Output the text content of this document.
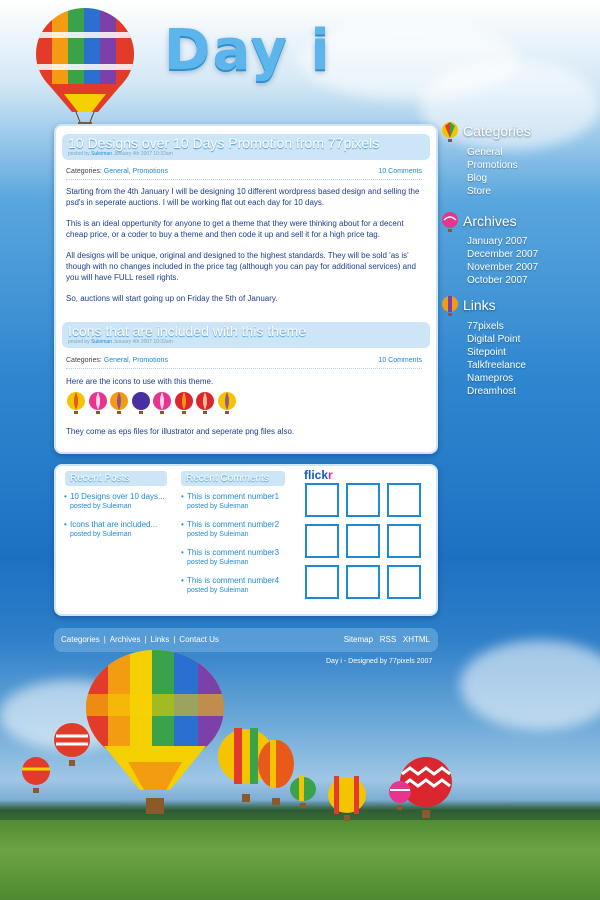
Day i
10 Designs over 10 Days Promotion from 77pixels
posted by Suleiman January 4th 2007 10:32am
Categories: General, Promotions	10 Comments

Starting from the 4th January I will be designing 10 different wordpress based design and selling the psd's in seperate auctions. I will be working flat out each day for 10 days.

This is an ideal oppertunity for anyone to get a theme that they were thinking about for a decent cheap price, or a coder to buy a theme and then code it up and sell it for a high price tag.

All designs will be unique, original and designed to the highest standards. They will be sold 'as is' though with no changes included in the price tag (although you can pay for additional services) and you will have FULL resell rights.

So, auctions will start going up on Friday the 5th of January.

Icons that are included with this theme
posted by Suleiman January 4th 2007 10:32am
Categories: General, Promotions	10 Comments

Here are the icons to use with this theme.

They come as eps files for illustrator and seperate png files also.

Categories
General
Promotions
Blog
Store
Archives
January 2007
December 2007
November 2007
October 2007
Links
77pixels
Digital Point
Sitepoint
Talkfreelance
Namepros
Dreamhost
Recent Posts
• 10 Designs over 10 days...
posted by Suleiman
• Icons that are included...
posted by Suleiman
Recent Comments
• This is comment number1
posted by Suleiman
• This is comment number2
posted by Suleiman
• This is comment number3
posted by Suleiman
• This is comment number4
posted by Suleiman
flickr
Categories | Archives | Links | Contact Us	Sitemap RSS XHTML
Day i - Designed by 77pixels 2007
